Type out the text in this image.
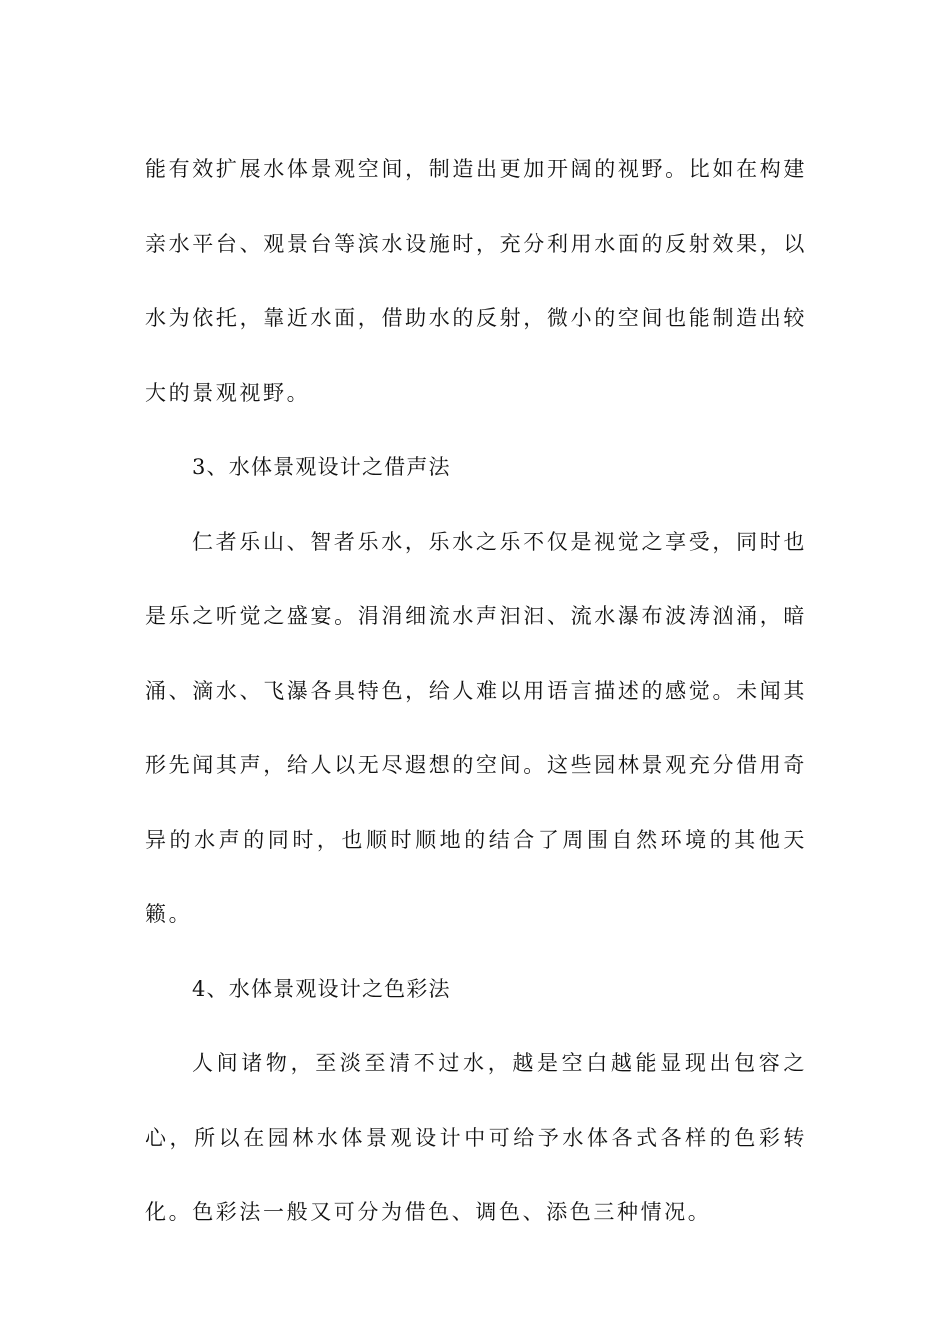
能有效扩展水体景观空间，制造出更加开阔的视野。比如在构建亲水平台、观景台等滨水设施时，充分利用水面的反射效果，以水为依托，靠近水面，借助水的反射，微小的空间也能制造出较大的景观视野。

3、水体景观设计之借声法

仁者乐山、智者乐水，乐水之乐不仅是视觉之享受，同时也是乐之听觉之盛宴。涓涓细流水声汩汩、流水瀑布波涛汹涌，暗涌、滴水、飞瀑各具特色，给人难以用语言描述的感觉。未闻其形先闻其声，给人以无尽遐想的空间。这些园林景观充分借用奇异的水声的同时，也顺时顺地的结合了周围自然环境的其他天籁。

4、水体景观设计之色彩法

人间诸物，至淡至清不过水，越是空白越能显现出包容之心，所以在园林水体景观设计中可给予水体各式各样的色彩转化。色彩法一般又可分为借色、调色、添色三种情况。
